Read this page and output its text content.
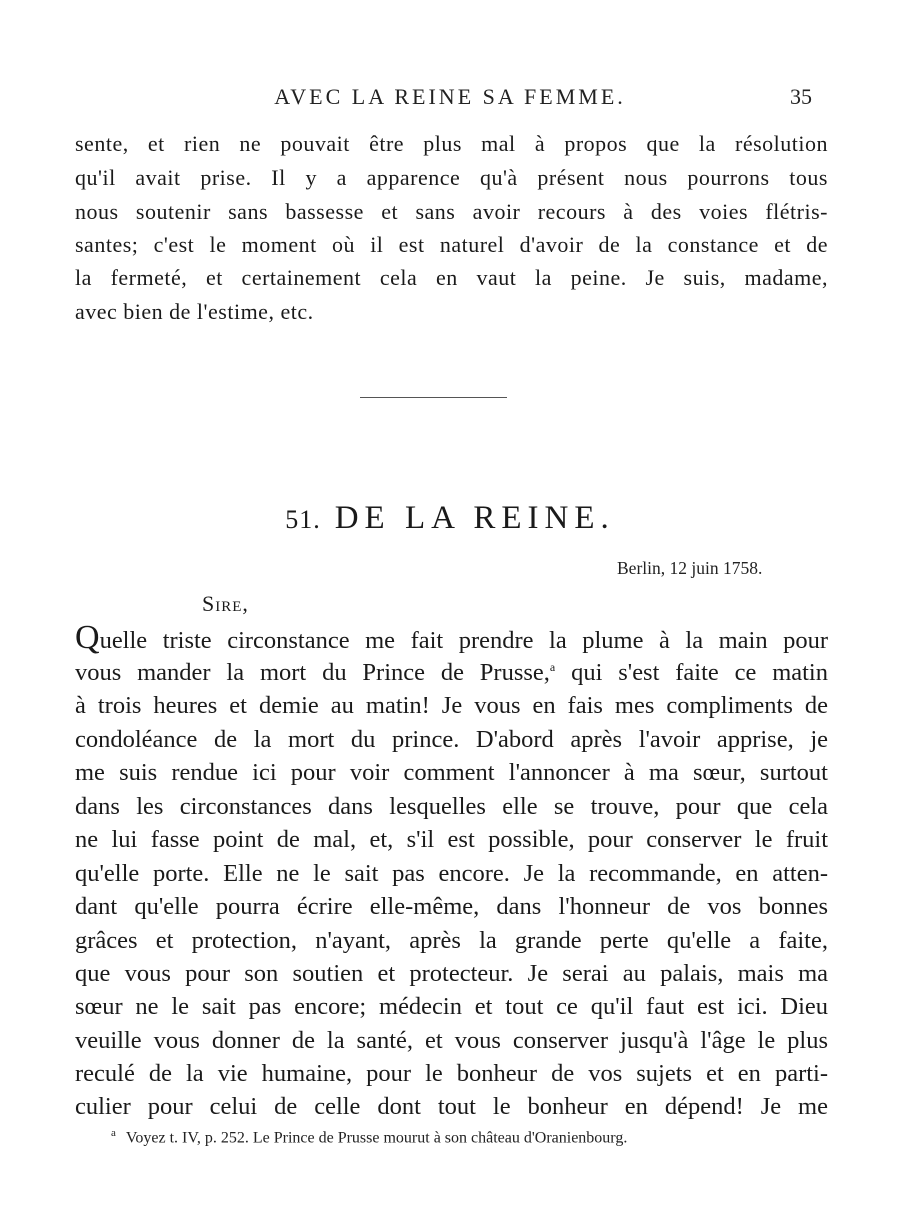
AVEC LA REINE SA FEMME.	35
sente, et rien ne pouvait être plus mal à propos que la résolution
qu'il avait prise. Il y a apparence qu'à présent nous pourrons tous
nous soutenir sans bassesse et sans avoir recours à des voies flétris-
santes; c'est le moment où il est naturel d'avoir de la constance et de
la fermeté, et certainement cela en vaut la peine. Je suis, madame,
avec bien de l'estime, etc.
51. DE LA REINE.
Berlin, 12 juin 1758.
Sire,
Quelle triste circonstance me fait prendre la plume à la main pour
vous mander la mort du Prince de Prusse,$^a$ qui s'est faite ce matin
à trois heures et demie au matin! Je vous en fais mes compliments de
condoléance de la mort du prince. D'abord après l'avoir apprise, je
me suis rendue ici pour voir comment l'annoncer à ma sœur, surtout
dans les circonstances dans lesquelles elle se trouve, pour que cela
ne lui fasse point de mal, et, s'il est possible, pour conserver le fruit
qu'elle porte. Elle ne le sait pas encore. Je la recommande, en atten-
dant qu'elle pourra écrire elle-même, dans l'honneur de vos bonnes
grâces et protection, n'ayant, après la grande perte qu'elle a faite,
que vous pour son soutien et protecteur. Je serai au palais, mais ma
sœur ne le sait pas encore; médecin et tout ce qu'il faut est ici. Dieu
veuille vous donner de la santé, et vous conserver jusqu'à l'âge le plus
reculé de la vie humaine, pour le bonheur de vos sujets et en parti-
culier pour celui de celle dont tout le bonheur en dépend! Je me
$^a$ Voyez t. IV, p. 252. Le Prince de Prusse mourut à son château d'Oranienbourg.
